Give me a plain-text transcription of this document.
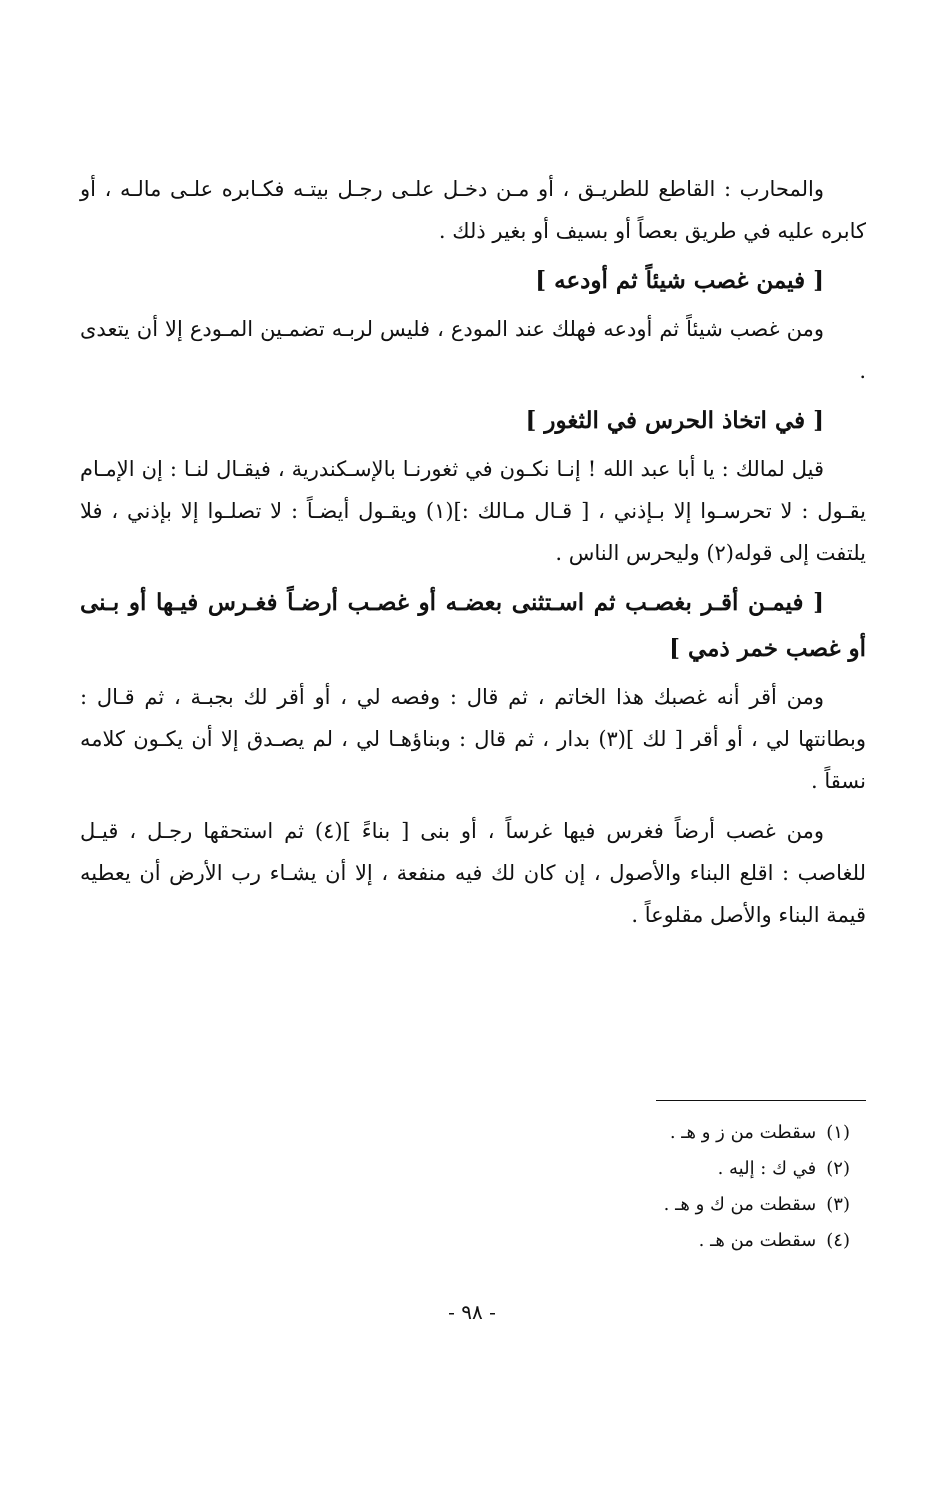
والمحارب : القاطع للطريـق ، أو مـن دخـل علـى رجـل بيتـه فكـابره علـى مالـه ، أو كابره عليه في طريق بعصاً أو بسيف أو بغير ذلك .

[ فيمن غصب شيئاً ثم أودعه ]

ومن غصب شيئاً ثم أودعه فهلك عند المودع ، فليس لربـه تضمـين المـودع إلا أن يتعدى .

[ في اتخاذ الحرس في الثغور ]

قيل لمالك : يا أبا عبد الله ! إنـا نكـون في ثغورنـا بالإسـكندرية ، فيقـال لنـا : إن الإمـام يقـول : لا تحرسـوا إلا بـإذني ، [ قـال مـالك :](١) ويقـول أيضـاً : لا تصلـوا إلا بإذني ، فلا يلتفت إلى قوله(٢) وليحرس الناس .

[ فيمـن أقـر بغصـب ثم اسـتثنى بعضـه أو غصـب أرضـاً فغـرس فيـها أو بـنى أو غصب خمر ذمي ]

ومن أقر أنه غصبك هذا الخاتم ، ثم قال : وفصه لي ، أو أقر لك بجبـة ، ثم قـال : وبطانتها لي ، أو أقر [ لك ](٣) بدار ، ثم قال : وبناؤهـا لي ، لم يصـدق إلا أن يكـون كلامه نسقاً .

ومن غصب أرضاً فغرس فيها غرساً ، أو بنى [ بناءً ](٤) ثم استحقها رجـل ، قيـل للغاصب : اقلع البناء والأصول ، إن كان لك فيه منفعة ، إلا أن يشـاء رب الأرض أن يعطيه قيمة البناء والأصل مقلوعاً .

(١)سقطت من ز و هـ .
(٢)في ك : إليه .
(٣)سقطت من ك و هـ .
(٤)سقطت من هـ .
- ٩٨ -
